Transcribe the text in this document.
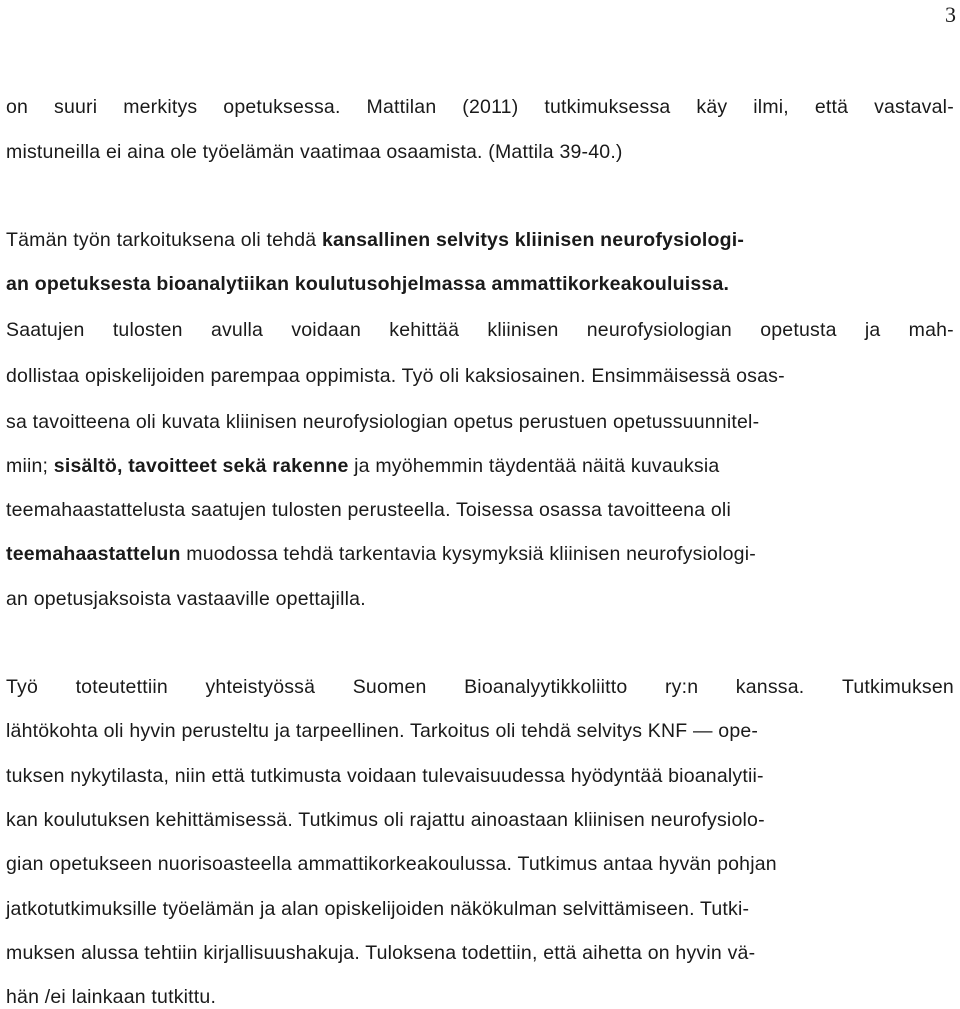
3
on suuri merkitys opetuksessa. Mattilan (2011) tutkimuksessa käy ilmi, että vastaval-
mistuneilla ei aina ole työelämän vaatimaa osaamista. (Mattila 39-40.)
Tämän työn tarkoituksena oli tehdä kansallinen selvitys kliinisen neurofysiologi-
an opetuksesta bioanalytiikan koulutusohjelmassa ammattikorkeakouluissa.
Saatujen tulosten avulla voidaan kehittää kliinisen neurofysiologian opetusta ja mah-
dollistaa opiskelijoiden parempaa oppimista. Työ oli kaksiosainen. Ensimmäisessä osas-
sa tavoitteena oli kuvata kliinisen neurofysiologian opetus perustuen opetussuunnitel-
miin; sisältö, tavoitteet sekä rakenne ja myöhemmin täydentää näitä kuvauksia
teemahaastattelusta saatujen tulosten perusteella. Toisessa osassa tavoitteena oli
teemahaastattelun muodossa tehdä tarkentavia kysymyksiä kliinisen neurofysiologi-
an opetusjaksoista vastaaville opettajilla.
Työ toteutettiin yhteistyössä Suomen Bioanalyytikkoliitto ry:n kanssa. Tutkimuksen
lähtökohta oli hyvin perusteltu ja tarpeellinen. Tarkoitus oli tehdä selvitys KNF — ope-
tuksen nykytilasta, niin että tutkimusta voidaan tulevaisuudessa hyödyntää bioanalytii-
kan koulutuksen kehittämisessä. Tutkimus oli rajattu ainoastaan kliinisen neurofysiolo-
gian opetukseen nuorisoasteella ammattikorkeakoulussa. Tutkimus antaa hyvän pohjan
jatkotutkimuksille työelämän ja alan opiskelijoiden näkökulman selvittämiseen. Tutki-
muksen alussa tehtiin kirjallisuushakuja. Tuloksena todettiin, että aihetta on hyvin vä-
hän /ei lainkaan tutkittu.
